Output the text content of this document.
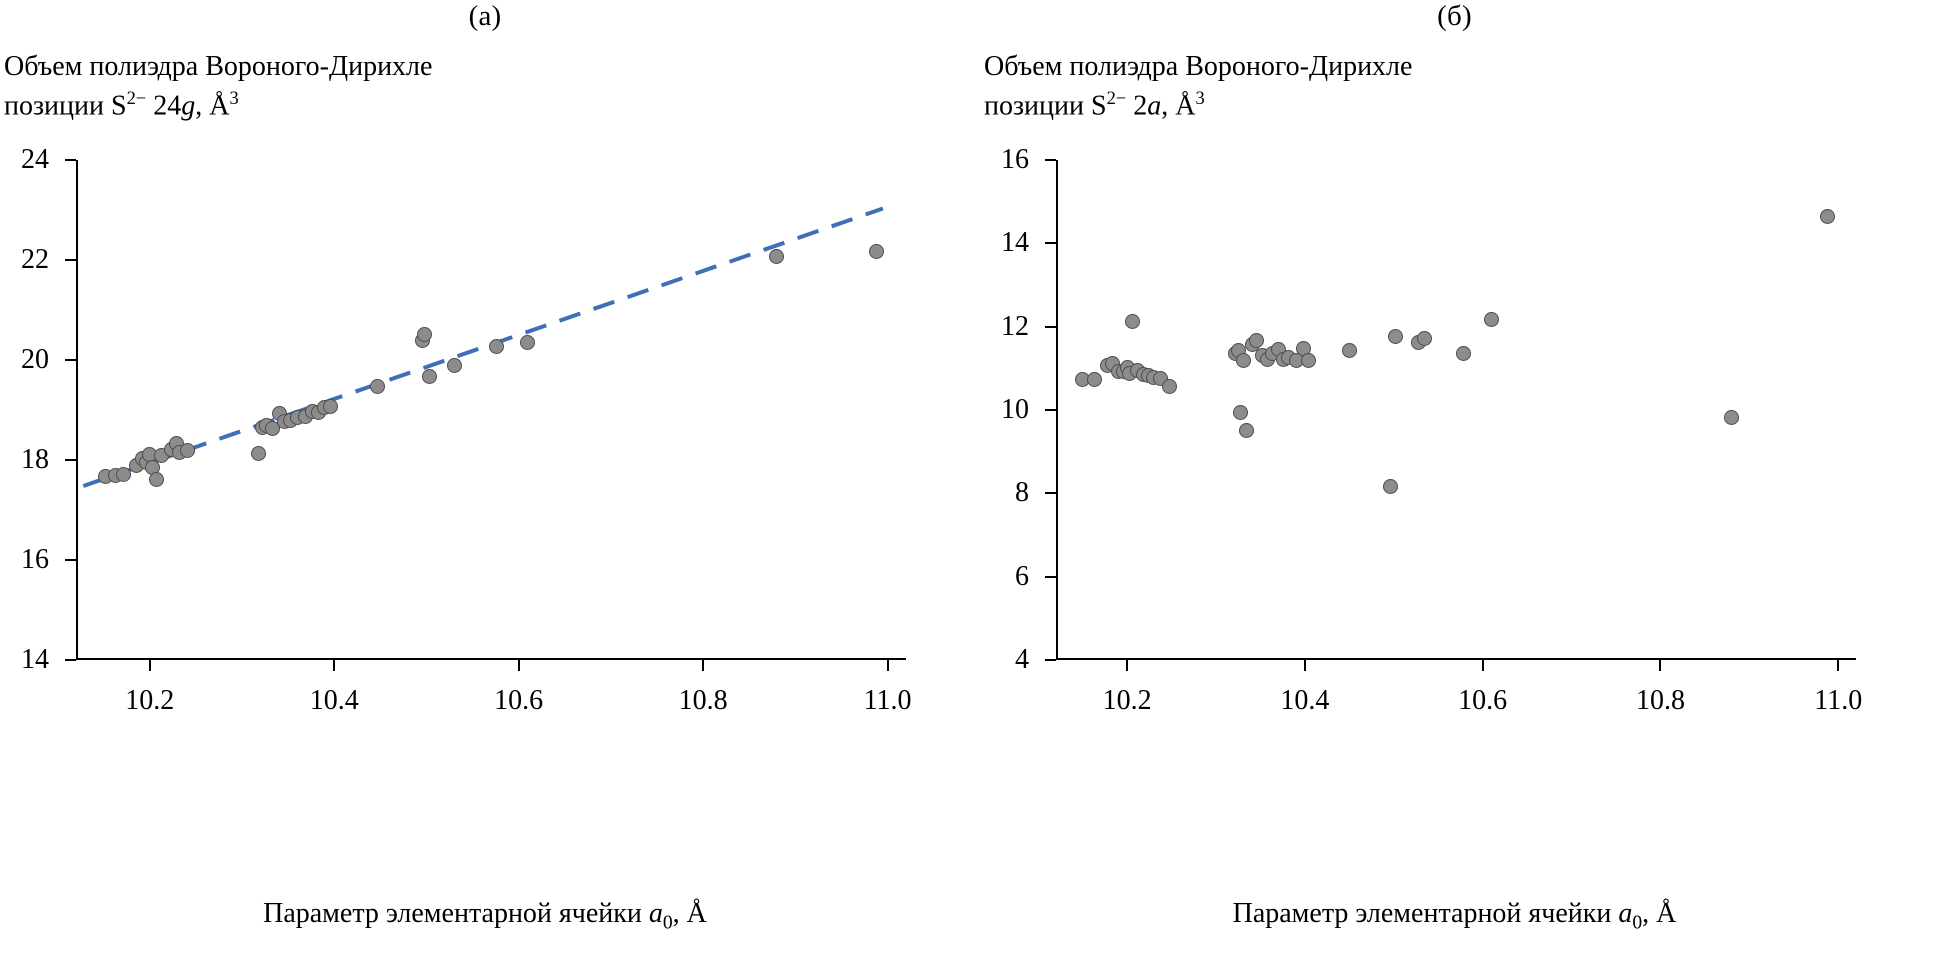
(а)
Объем полиэдра Вороного-Дирихле
позиции $S^{2-}$ 24g, $Å^3$
14
16
18
20
22
24
10.2	10.4	10.6	10.8	11.0
Параметр элементарной ячейки $a_0$, Å
(б)
Объем полиэдра Вороного-Дирихле
позиции $S^{2-}$ 2a, $Å^3$
4
6
8
10
12
14
16
10.2	10.4	10.6	10.8	11.0
Параметр элементарной ячейки $a_0$, Å
